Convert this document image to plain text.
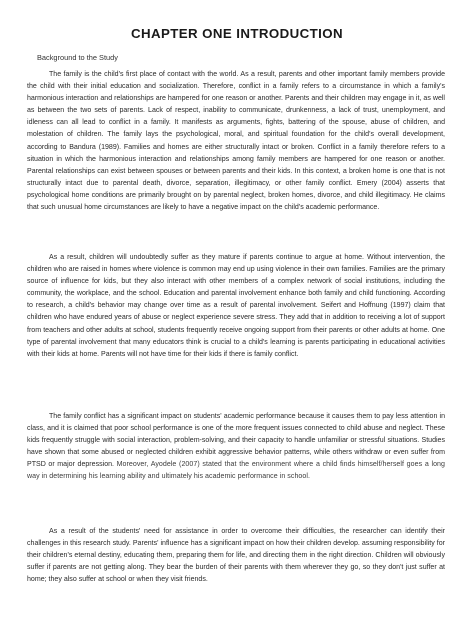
CHAPTER ONE INTRODUCTION

Background to the Study

The family is the child’s first place of contact with the world. As a result, parents and other important family members provide the child with their initial education and socialization. Therefore, conflict in a family refers to a circumstance in which a family's harmonious interaction and relationships are hampered for one reason or another. Parents and their children may engage in it, as well as between the two sets of parents. Lack of respect, inability to communicate, drunkenness, a lack of trust, unemployment, and idleness can all lead to conflict in a family. It manifests as arguments, fights, battering of the spouse, abuse of children, and molestation of children. The family lays the psychological, moral, and spiritual foundation for the child’s overall development, according to Bandura (1989). Families and homes are either structurally intact or broken. Conflict in a family therefore refers to a situation in which the harmonious interaction and relationships among family members are hampered for one reason or another. Parental relationships can exist between spouses or between parents and their kids. In this context, a broken home is one that is not structurally intact due to parental death, divorce, separation, illegitimacy, or other family conflict. Emery (2004) asserts that psychological home conditions are primarily brought on by parental neglect, broken homes, divorce, and child illegitimacy. He claims that such unusual home circumstances are likely to have a negative impact on the child's academic performance.

As a result, children will undoubtedly suffer as they mature if parents continue to argue at home. Without intervention, the children who are raised in homes where violence is common may end up using violence in their own families. Families are the primary source of influence for kids, but they also interact with other members of a complex network of social institutions, including the community, the workplace, and the school. Education and parental involvement enhance both family and child functioning. According to research, a child's behavior may change over time as a result of parental involvement. Seifert and Hoffnung (1997) claim that children who have endured years of abuse or neglect experience severe stress. They add that in addition to receiving a lot of support from teachers and other adults at school, students frequently receive ongoing support from their parents or other adults at home. One type of parental involvement that many educators think is crucial to a child's learning is parents participating in educational activities with their kids at home. Parents will not have time for their kids if there is family conflict.

The family conflict has a significant impact on students' academic performance because it causes them to pay less attention in class, and it is claimed that poor school performance is one of the more frequent issues connected to child abuse and neglect. These kids frequently struggle with social interaction, problem-solving, and their capacity to handle unfamiliar or stressful situations. Studies have shown that some abused or neglected children exhibit aggressive behavior patterns, while others withdraw or even suffer from PTSD or major depression. Moreover, Ayodele (2007) stated that the environment where a child finds himself/herself goes a long way in determining his learning ability and ultimately his academic performance in school.

As a result of the students' need for assistance in order to overcome their difficulties, the researcher can identify their challenges in this research study. Parents' influence has a significant impact on how their children develop. assuming responsibility for their children's eternal destiny, educating them, preparing them for life, and directing them in the right direction. Children will obviously suffer if parents are not getting along. They bear the burden of their parents with them wherever they go, so they don't just suffer at home; they also suffer at school or when they visit friends.
